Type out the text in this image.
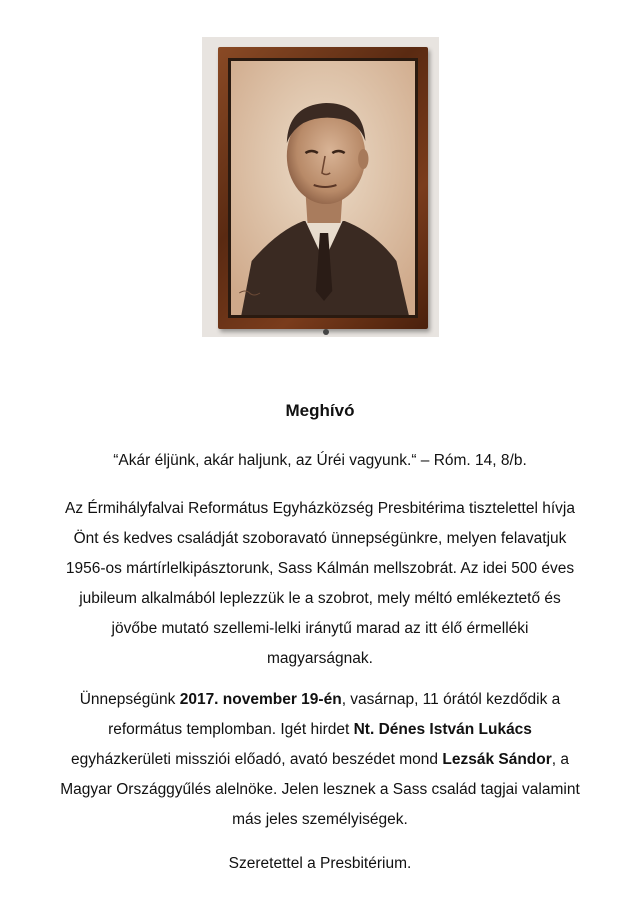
Meghívó

“Akár éljünk, akár haljunk, az Úréi vagyunk.“ – Róm. 14, 8/b.

Az Érmihályfalvai Református Egyházközség Presbitérima tisztelettel hívja
Önt és kedves családját szoboravató ünnepségünkre, melyen felavatjuk
1956-os mártírlelkipásztorunk, Sass Kálmán mellszobrát. Az idei 500 éves
jubileum alkalmából leplezzük le a szobrot, mely méltó emlékeztető és
jövőbe mutató szellemi-lelki iránytű marad az itt élő érmelléki
magyarságnak.

Ünnepségünk 2017. november 19-én, vasárnap, 11 órától kezdődik a
református templomban. Igét hirdet Nt. Dénes István Lukács
egyházkerületi missziói előadó, avató beszédet mond Lezsák Sándor, a
Magyar Országgyűlés alelnöke. Jelen lesznek a Sass család tagjai valamint
más jeles személyiségek.

Szeretettel a Presbitérium.
